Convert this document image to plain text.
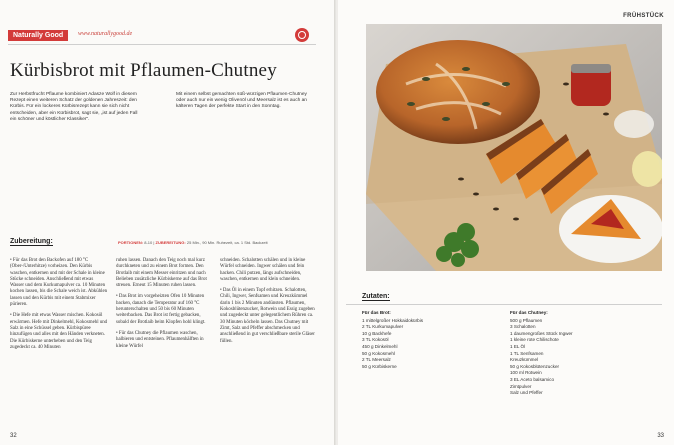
Naturally Good	www.naturallygood.de
Kürbisbrot mit Pflaumen-Chutney
Zur Herbstfrucht Pflaume kombiniert Adasze Wolf in diesem Rezept einen weiteren Schatz der goldenen Jahreszeit: den Kürbis. Für ein lockeres Kürbisrezept kann sie sich nicht entscheiden, aber ein Kürbisbrot, sagt sie, „ist auf jeden Fall ein schöner und köstlicher Klassiker“.
Mit einem selbst gemachten süß-würzigen Pflaumen-Chutney oder auch nur ein wenig Olivenöl und Meersalz ist es auch an kälteren Tagen der perfekte Start in den Sonntag.
Zubereitung:	PORTIONEN: 8-10 | ZUBEREITUNG: 25 Min., 90 Min. Ruhezeit, ca. 1 Std. Backzeit

• Für das Brot den Backofen auf 180 °C (Ober-/Unterhitze) vorheizen. Den Kürbis waschen, entkernen und mit der Schale in kleine Stücke schneiden. Anschließend mit etwas Wasser und dem Kurkumapulver ca. 10 Minuten kochen lassen, bis die Schale weich ist. Abkühlen lassen und den Kürbis mit einem Stabmixer pürieren.

• Die Hefe mit etwas Wasser mischen. Kokosöl erwärmen. Hefe mit Dinkelmehl, Kokosmehl und Salz in eine Schüssel geben. Kürbispüree hinzufügen und alles mit den Händen verkneten. Die Kürbiskerne unterheben und den Teig zugedeckt ca. 40 Minuten

ruhen lassen. Danach den Teig noch mal kurz durchkneten und zu einem Brot formen. Den Brotlaib mit einem Messer einritzen und nach Belieben zusätzliche Kürbiskerne auf das Brot streuen. Erneut 15 Minuten ruhen lassen.

• Das Brot im vorgeheizten Ofen 10 Minuten backen, danach die Temperatur auf 160 °C herunterschalten und 50 bis 60 Minuten weiterbacken. Das Brot ist fertig gebacken, sobald der Brotlaib beim Klopfen hohl klingt.

• Für das Chutney die Pflaumen waschen, halbieren und entsteinen. Pflaumenhälften in kleine Würfel

schneiden. Schalotten schälen und in kleine Würfel schneiden. Ingwer schälen und fein hacken. Chili putzen, längs aufschneiden, waschen, entkernen und klein schneiden.

• Das Öl in einem Topf erhitzen. Schalotten, Chili, Ingwer, Senfsamen und Kreuzkümmel darin 1 bis 2 Minuten andünsten. Pflaumen, Kokosblütenzucker, Rotwein und Essig zugeben und zugedeckt unter gelegentlichem Rühren ca. 30 Minuten köcheln lassen. Das Chutney mit Zimt, Salz und Pfeffer abschmecken und anschließend in gut verschließbare sterile Gläser füllen.

32
FRÜHSTÜCK
Zutaten:
Für das Brot:
1 mittelgroßer Hokkaidokürbis
2 TL Kurkumapulver
10 g Backhefe
3 TL Kokosöl
450 g Dinkelmehl
50 g Kokosmehl
2 TL Meersalz
50 g Kürbiskerne
Für das Chutney:
500 g Pflaumen
3 Schalotten
1 daumengroßes Stück Ingwer
1 kleine rote Chilischote
1 EL Öl
1 TL Senfsamen
Kreuzkümmel
50 g Kokosblütenzucker
100 ml Rotwein
3 EL Aceto balsamico
Zimtpulver
Salz und Pfeffer
33
